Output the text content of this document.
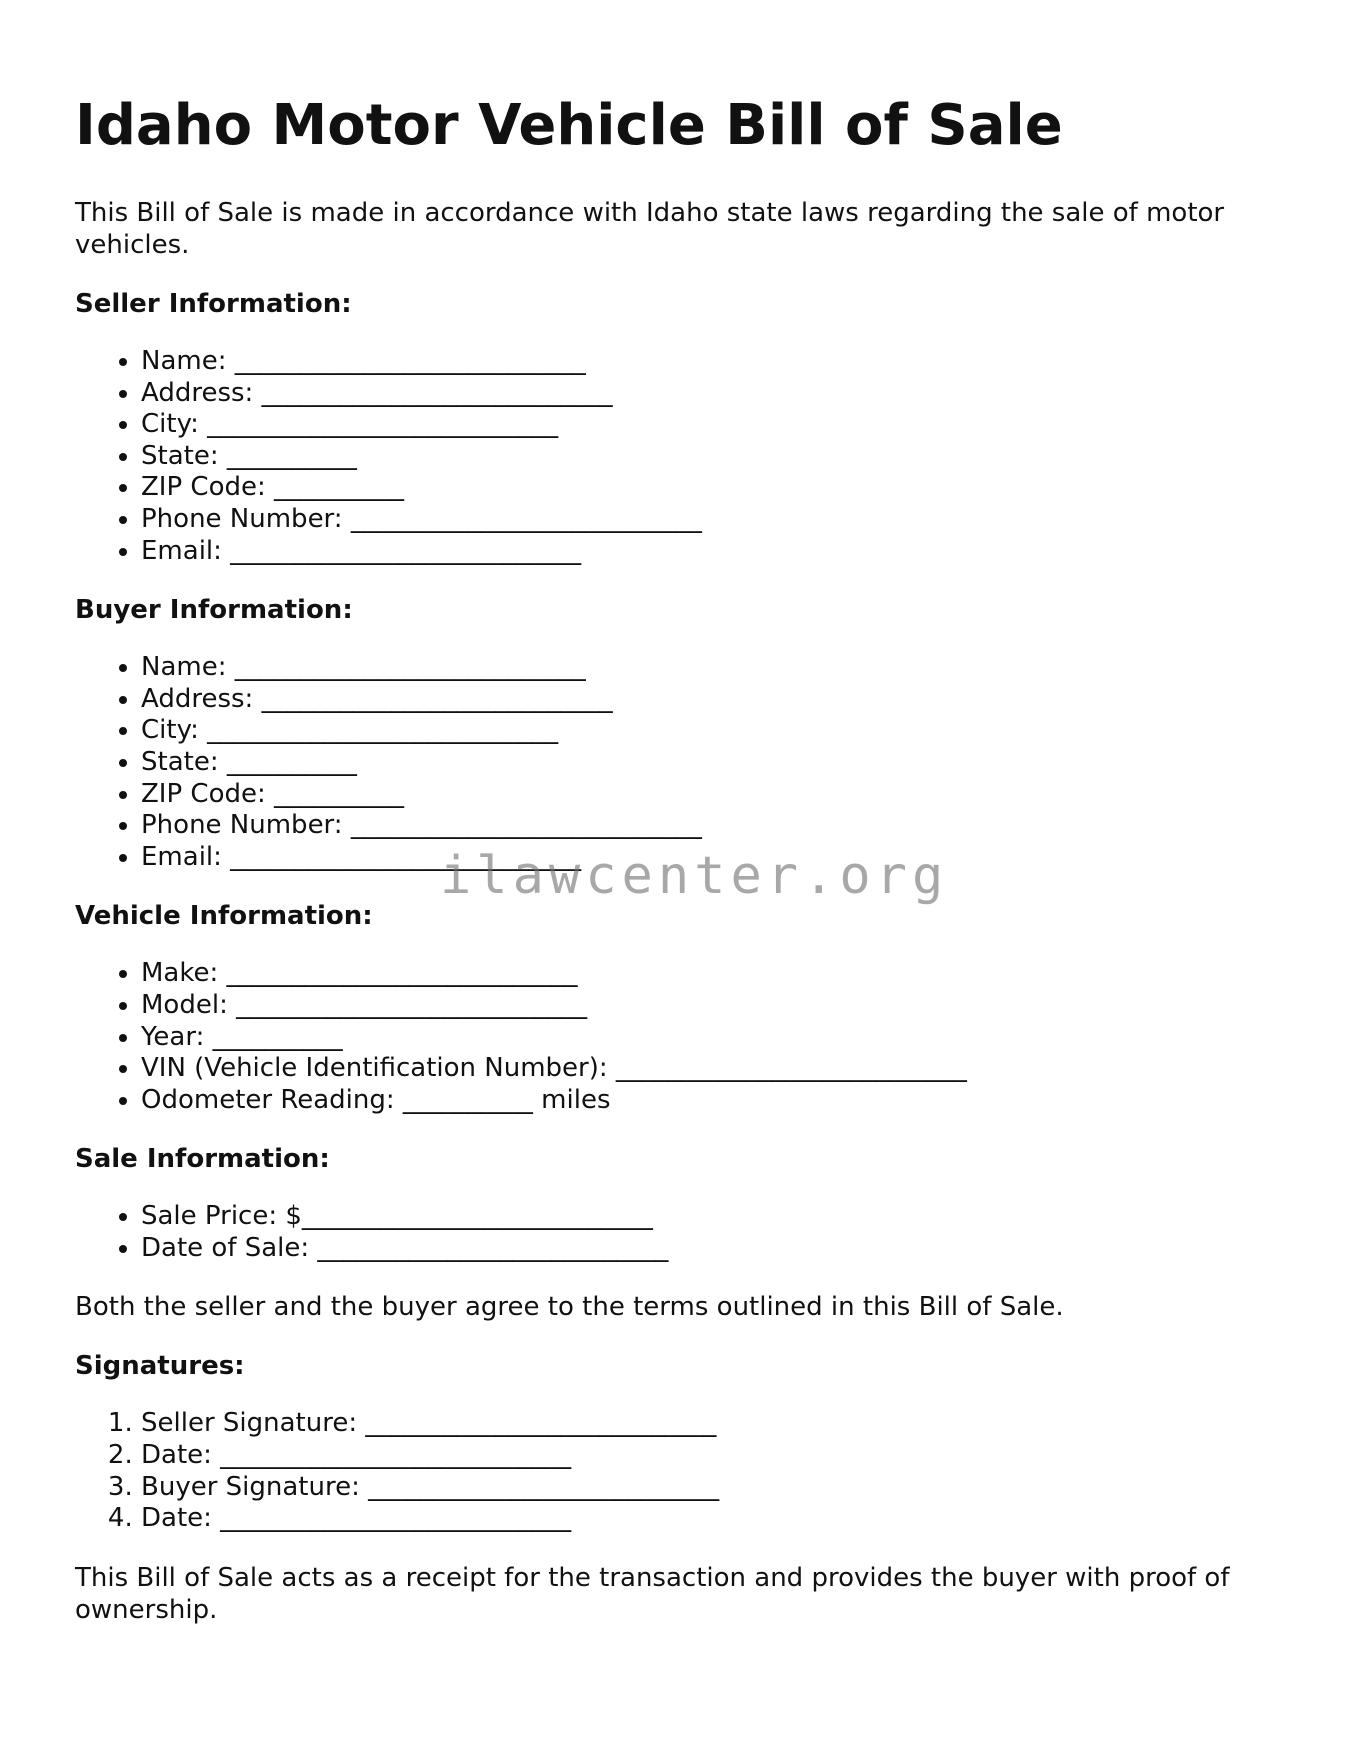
Idaho Motor Vehicle Bill of Sale

This Bill of Sale is made in accordance with Idaho state laws regarding the sale of motor vehicles.

Seller Information:
• Name: ___________________________
• Address: ___________________________
• City: ___________________________
• State: __________
• ZIP Code: __________
• Phone Number: ___________________________
• Email: ___________________________
Buyer Information:
• Name: ___________________________
• Address: ___________________________
• City: ___________________________
• State: __________
• ZIP Code: __________
• Phone Number: ___________________________
• Email: ___________________________
Vehicle Information:
• Make: ___________________________
• Model: ___________________________
• Year: __________
• VIN (Vehicle Identification Number): ___________________________
• Odometer Reading: __________ miles
Sale Information:
• Sale Price: $___________________________
• Date of Sale: ___________________________

Both the seller and the buyer agree to the terms outlined in this Bill of Sale.

Signatures:
1. Seller Signature: ___________________________
2. Date: ___________________________
3. Buyer Signature: ___________________________
4. Date: ___________________________

This Bill of Sale acts as a receipt for the transaction and provides the buyer with proof of ownership.

ilawcenter.org
